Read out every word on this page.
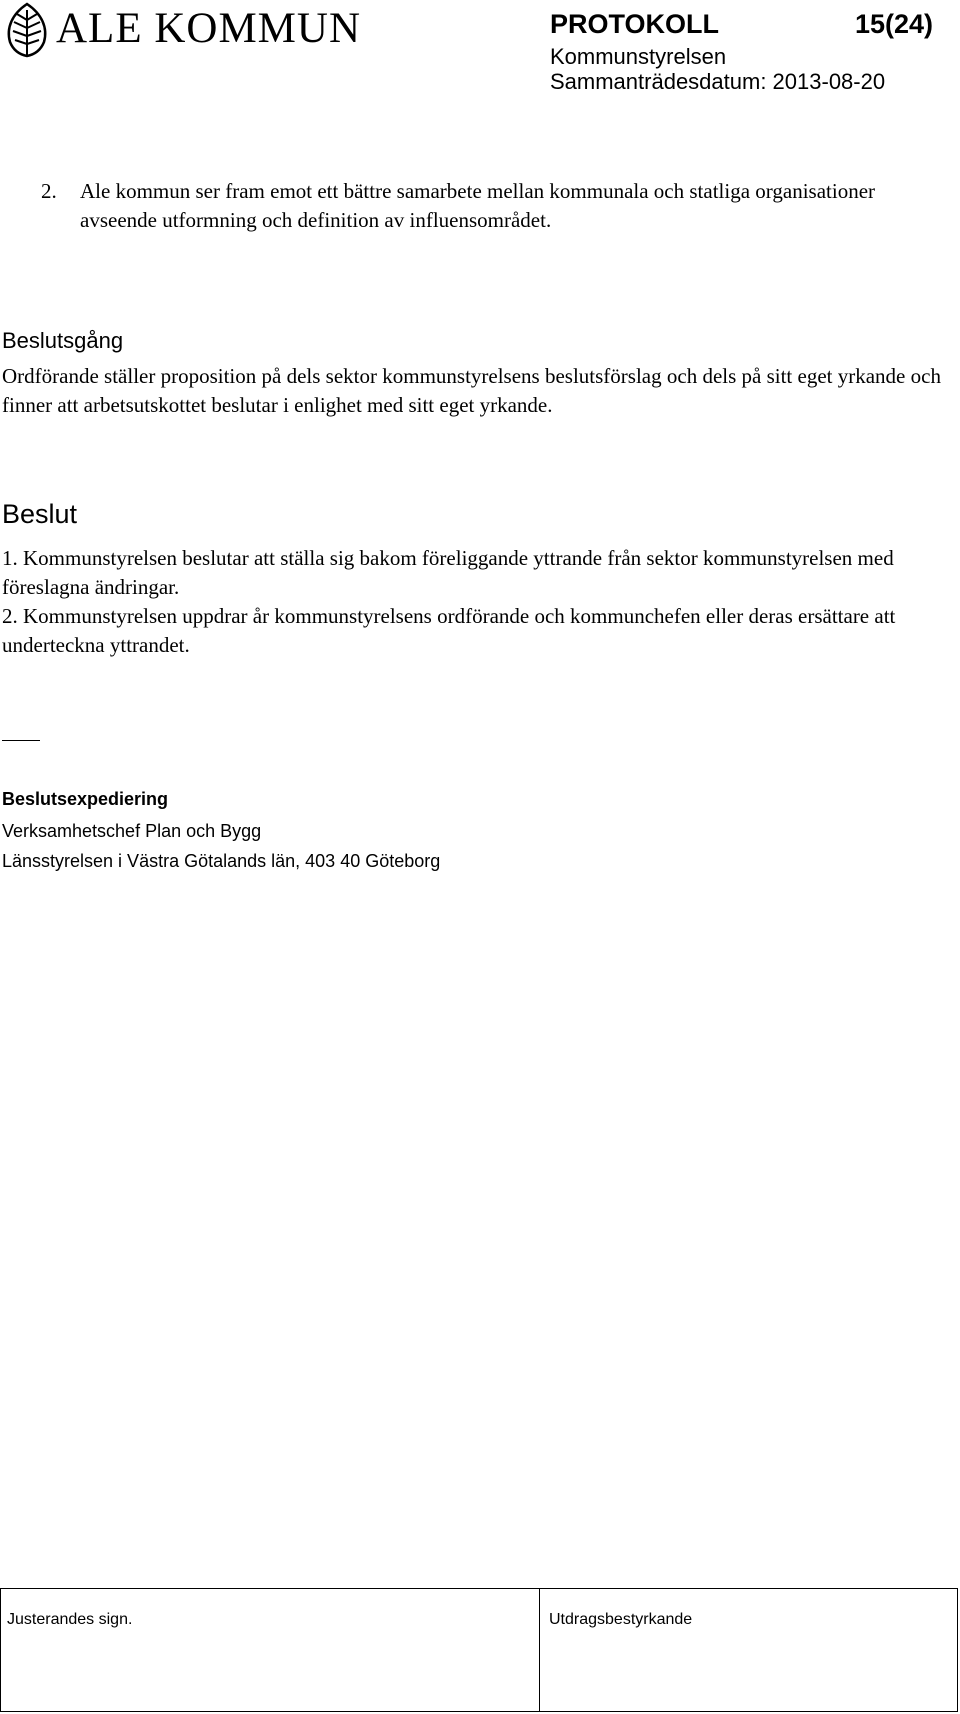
ALE KOMMUN	PROTOKOLL	15(24)
Kommunstyrelsen
Sammanträdesdatum: 2013-08-20
2. Ale kommun ser fram emot ett bättre samarbete mellan kommunala och statliga organisationer avseende utformning och definition av influensområdet.
Beslutsgång
Ordförande ställer proposition på dels sektor kommunstyrelsens beslutsförslag och dels på sitt eget yrkande och finner att arbetsutskottet beslutar i enlighet med sitt eget yrkande.
Beslut
1. Kommunstyrelsen beslutar att ställa sig bakom föreliggande yttrande från sektor kommunstyrelsen med föreslagna ändringar.
2. Kommunstyrelsen uppdrar år kommunstyrelsens ordförande och kommunchefen eller deras ersättare att underteckna yttrandet.
Beslutsexpediering
Verksamhetschef Plan och Bygg
Länsstyrelsen i Västra Götalands län, 403 40 Göteborg
Justerandes sign.	Utdragsbestyrkande
